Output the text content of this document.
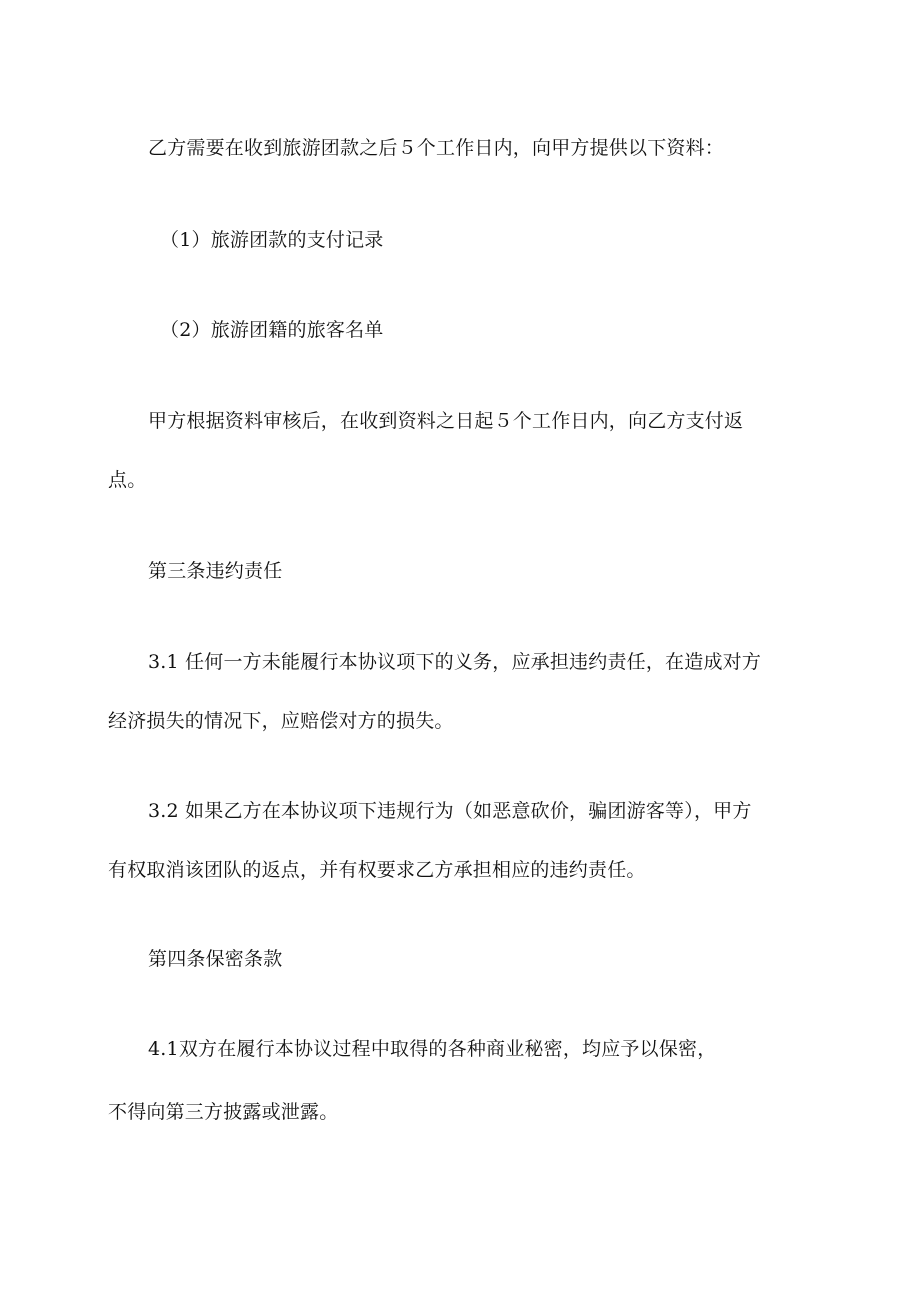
乙方需要在收到旅游团款之后５个工作日内，向甲方提供以下资料：
（1）旅游团款的支付记录
（2）旅游团籍的旅客名单
甲方根据资料审核后，在收到资料之日起５个工作日内，向乙方支付返
点。
第三条违约责任
3.1 任何一方未能履行本协议项下的义务，应承担违约责任，在造成对方
经济损失的情况下，应赔偿对方的损失。
3.2 如果乙方在本协议项下违规行为（如恶意砍价，骗团游客等），甲方
有权取消该团队的返点，并有权要求乙方承担相应的违约责任。
第四条保密条款
4.1双方在履行本协议过程中取得的各种商业秘密，均应予以保密，
不得向第三方披露或泄露。
